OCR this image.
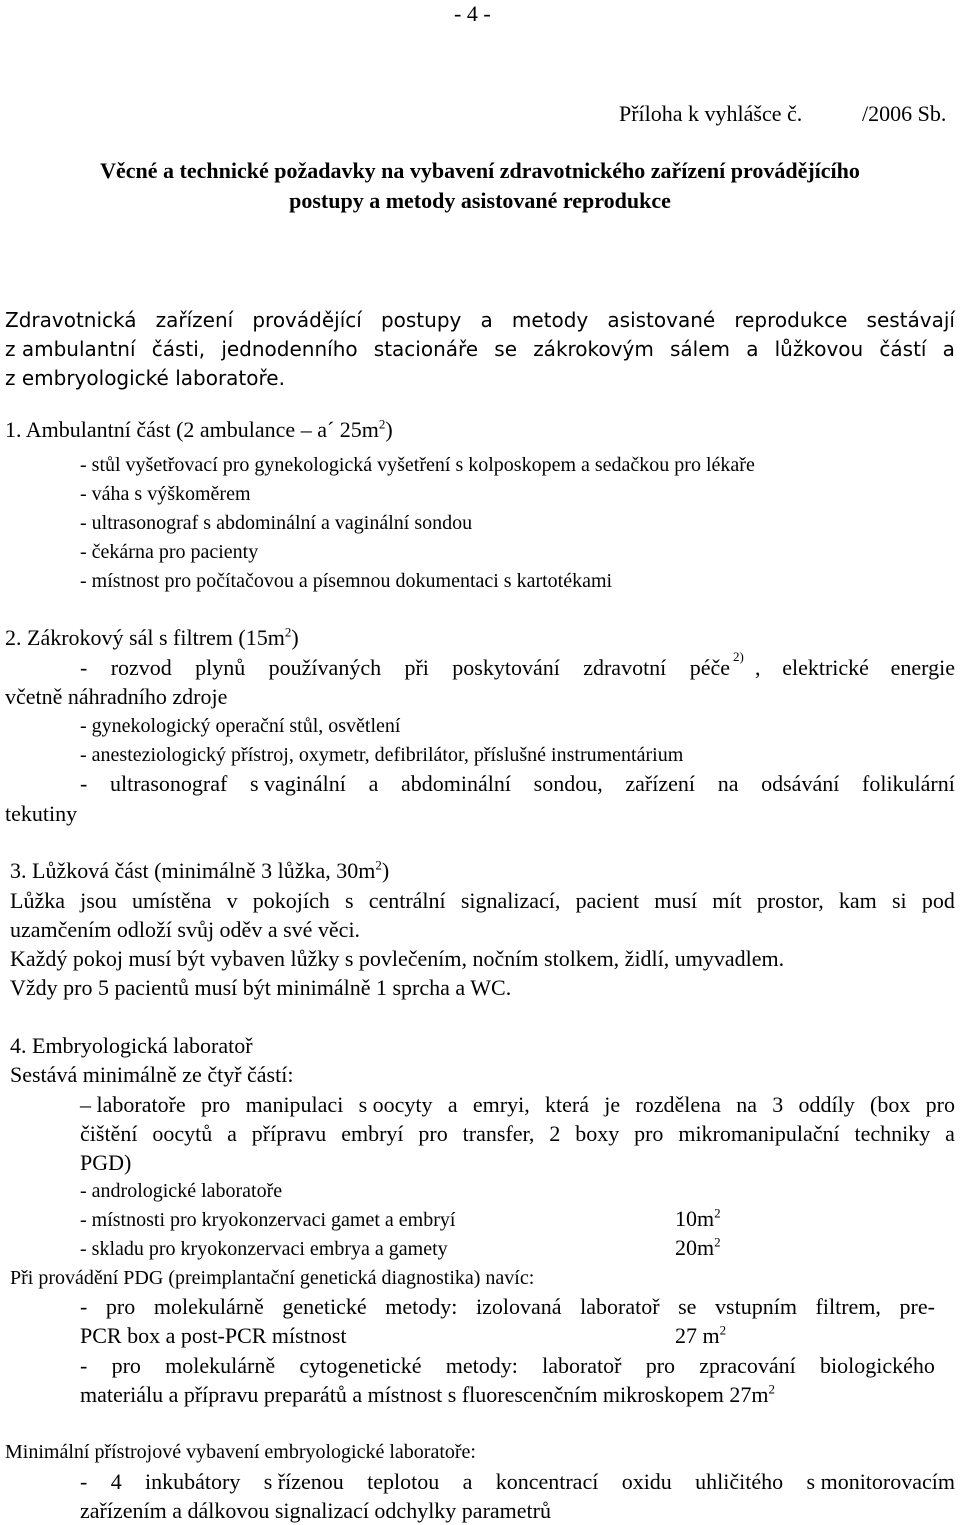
- 4 -
Příloha k vyhlášce č.	/2006 Sb.
Věcné a technické požadavky na vybavení zdravotnického zařízení provádějícího
postupy a metody asistované reprodukce
Zdravotnická zařízení provádějící postupy a metody asistované reprodukce sestávají
z ambulantní části, jednodenního stacionáře se zákrokovým sálem a lůžkovou částí a
z embryologické laboratoře.
1. Ambulantní část (2 ambulance – a´ $25m^2$)
- stůl vyšetřovací pro gynekologická vyšetření s kolposkopem a sedačkou pro lékaře
- váha s výškoměrem
- ultrasonograf s abdominální a vaginální sondou
- čekárna pro pacienty
- místnost pro počítačovou a písemnou dokumentaci s kartotékami
2. Zákrokový sál s filtrem $(15m^2)$
- rozvod plynů používaných při poskytování zdravotní péče 2) , elektrické energie
včetně náhradního zdroje
- gynekologický operační stůl, osvětlení
- anesteziologický přístroj, oxymetr, defibrilátor, příslušné instrumentárium
- ultrasonograf s vaginální a abdominální sondou, zařízení na odsávání folikulární
tekutiny
3. Lůžková část (minimálně 3 lůžka, $30m^2$)
Lůžka jsou umístěna v pokojích s centrální signalizací, pacient musí mít prostor, kam si pod
uzamčením odloží svůj oděv a své věci.
Každý pokoj musí být vybaven lůžky s povlečením, nočním stolkem, židlí, umyvadlem.
Vždy pro 5 pacientů musí být minimálně 1 sprcha a WC.
4. Embryologická laboratoř
Sestává minimálně ze čtyř částí:
– laboratoře pro manipulaci s oocyty a emryi, která je rozdělena na 3 oddíly (box pro
čištění oocytů a přípravu embryí pro transfer, 2 boxy pro mikromanipulační techniky a
PGD)
- andrologické laboratoře
- místnosti pro kryokonzervaci gamet a embryí	$10m^2$
- skladu pro kryokonzervaci embrya a gamety	$20m^2$
Při provádění PDG (preimplantační genetická diagnostika) navíc:
- pro molekulárně genetické metody: izolovaná laboratoř se vstupním filtrem, pre-
PCR box a post-PCR místnost	27 $m^2$
- pro molekulárně cytogenetické metody: laboratoř pro zpracování biologického
materiálu a přípravu preparátů a místnost s fluorescenčním mikroskopem $27m^2$
Minimální přístrojové vybavení embryologické laboratoře:
- 4 inkubátory s řízenou teplotou a koncentrací oxidu uhličitého s monitorovacím
zařízením a dálkovou signalizací odchylky parametrů
